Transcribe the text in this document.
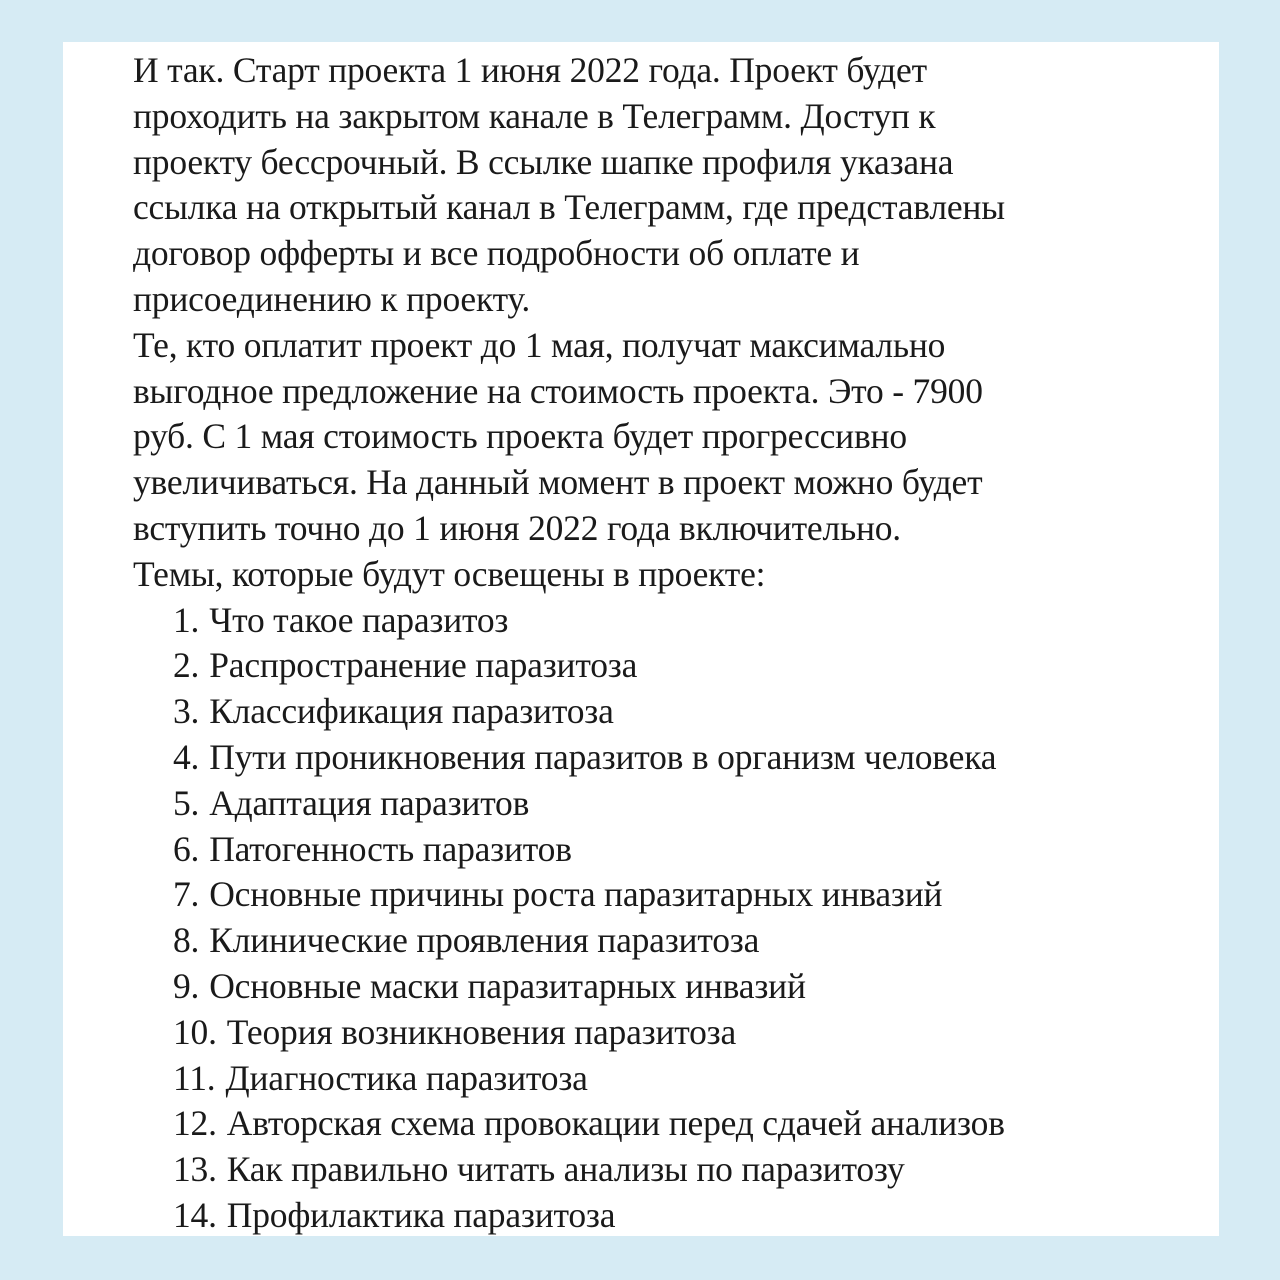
И так. Старт проекта 1 июня 2022 года. Проект будет
проходить на закрытом канале в Телеграмм. Доступ к
проекту бессрочный. В ссылке шапке профиля указана
ссылка на открытый канал в Телеграмм, где представлены
договор офферты и все подробности об оплате и
присоединению к проекту.

Те, кто оплатит проект до 1 мая, получат максимально
выгодное предложение на стоимость проекта. Это - 7900
руб. С 1 мая стоимость проекта будет прогрессивно
увеличиваться. На данный момент в проект можно будет
вступить точно до 1 июня 2022 года включительно.

Темы, которые будут освещены в проекте:

1. Что такое паразитоз
2. Распространение паразитоза
3. Классификация паразитоза
4. Пути проникновения паразитов в организм человека
5. Адаптация паразитов
6. Патогенность паразитов
7. Основные причины роста паразитарных инвазий
8. Клинические проявления паразитоза
9. Основные маски паразитарных инвазий
10. Теория возникновения паразитоза
11. Диагностика паразитоза
12. Авторская схема провокации перед сдачей анализов
13. Как правильно читать анализы по паразитозу
14. Профилактика паразитоза
